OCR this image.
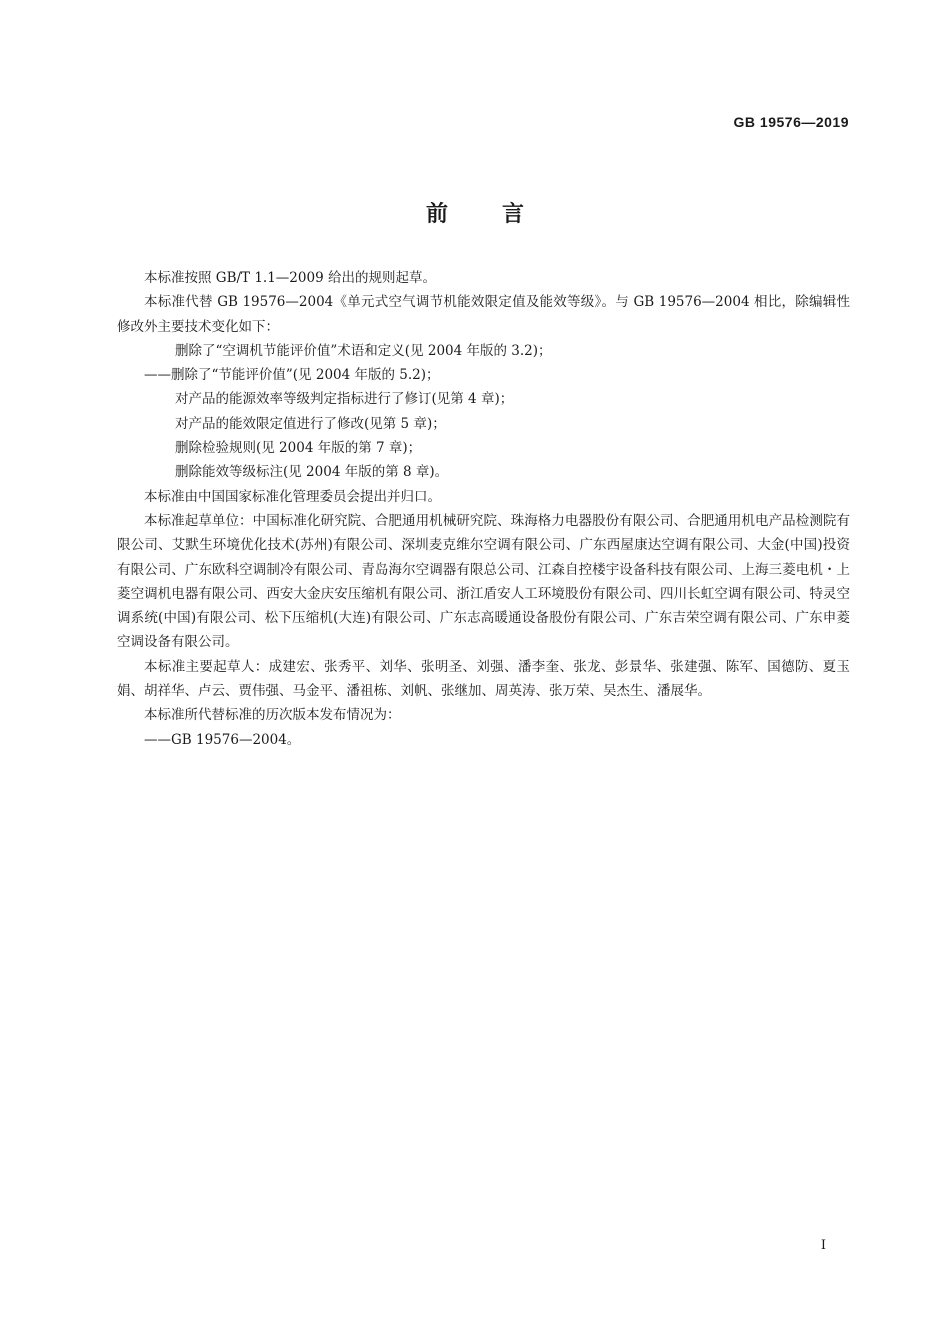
GB 19576—2019
前 言

本标准按照 GB/T 1.1—2009 给出的规则起草。

本标准代替 GB 19576—2004《单元式空气调节机能效限定值及能效等级》。与 GB 19576—2004 相比，除编辑性修改外主要技术变化如下：

删除了“空调机节能评价值”术语和定义(见 2004 年版的 3.2)；

——删除了“节能评价值”(见 2004 年版的 5.2)；

对产品的能源效率等级判定指标进行了修订(见第 4 章)；

对产品的能效限定值进行了修改(见第 5 章)；

删除检验规则(见 2004 年版的第 7 章)；

删除能效等级标注(见 2004 年版的第 8 章)。

本标准由中国国家标准化管理委员会提出并归口。

本标准起草单位：中国标准化研究院、合肥通用机械研究院、珠海格力电器股份有限公司、合肥通用机电产品检测院有限公司、艾默生环境优化技术(苏州)有限公司、深圳麦克维尔空调有限公司、广东西屋康达空调有限公司、大金(中国)投资有限公司、广东欧科空调制冷有限公司、青岛海尔空调器有限总公司、江森自控楼宇设备科技有限公司、上海三菱电机・上菱空调机电器有限公司、西安大金庆安压缩机有限公司、浙江盾安人工环境股份有限公司、四川长虹空调有限公司、特灵空调系统(中国)有限公司、松下压缩机(大连)有限公司、广东志高暖通设备股份有限公司、广东吉荣空调有限公司、广东申菱空调设备有限公司。

本标准主要起草人：成建宏、张秀平、刘华、张明圣、刘强、潘李奎、张龙、彭景华、张建强、陈军、国德防、夏玉娟、胡祥华、卢云、贾伟强、马金平、潘祖栋、刘帆、张继加、周英涛、张万荣、吴杰生、潘展华。

本标准所代替标准的历次版本发布情况为：

——GB 19576—2004。

I
